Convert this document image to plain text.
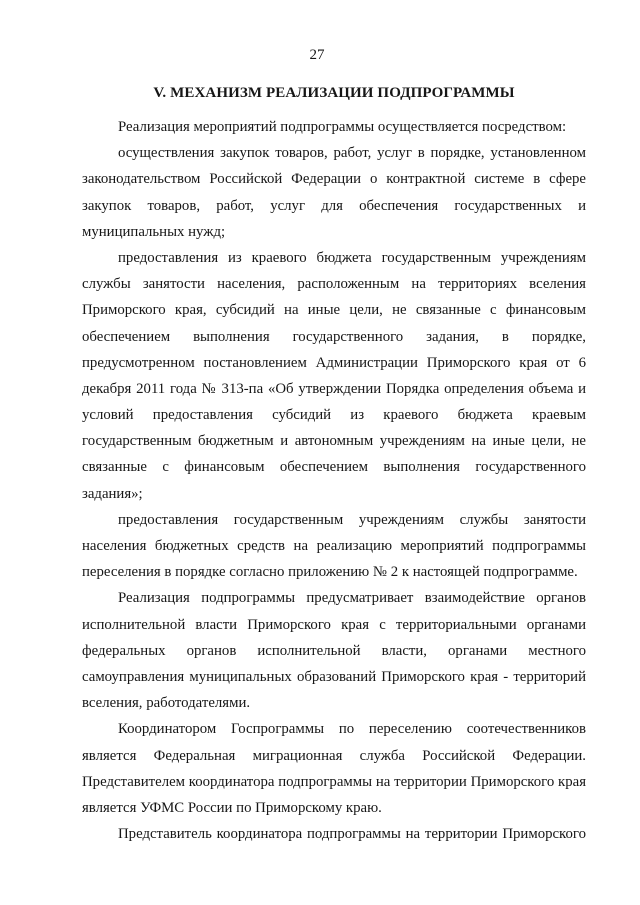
27
V. МЕХАНИЗМ РЕАЛИЗАЦИИ ПОДПРОГРАММЫ
Реализация мероприятий подпрограммы осуществляется посредством:
осуществления закупок товаров, работ, услуг в порядке, установленном
законодательством Российской Федерации о контрактной системе в сфере
закупок товаров, работ, услуг для обеспечения государственных и
муниципальных нужд;
предоставления из краевого бюджета государственным учреждениям
службы занятости населения, расположенным на территориях вселения
Приморского края, субсидий на иные цели, не связанные с финансовым
обеспечением выполнения государственного задания, в порядке,
предусмотренном постановлением Администрации Приморского края от 6
декабря 2011 года № 313-па «Об утверждении Порядка определения объема и
условий предоставления субсидий из краевого бюджета краевым
государственным бюджетным и автономным учреждениям на иные цели, не
связанные с финансовым обеспечением выполнения государственного
задания»;
предоставления государственным учреждениям службы занятости
населения бюджетных средств на реализацию мероприятий подпрограммы
переселения в порядке согласно приложению № 2 к настоящей подпрограмме.
Реализация подпрограммы предусматривает взаимодействие органов
исполнительной власти Приморского края с территориальными органами
федеральных органов исполнительной власти, органами местного
самоуправления муниципальных образований Приморского края - территорий
вселения, работодателями.
Координатором Госпрограммы по переселению соотечественников
является Федеральная миграционная служба Российской Федерации.
Представителем координатора подпрограммы на территории Приморского края
является УФМС России по Приморскому краю.
Представитель координатора подпрограммы на территории Приморского
